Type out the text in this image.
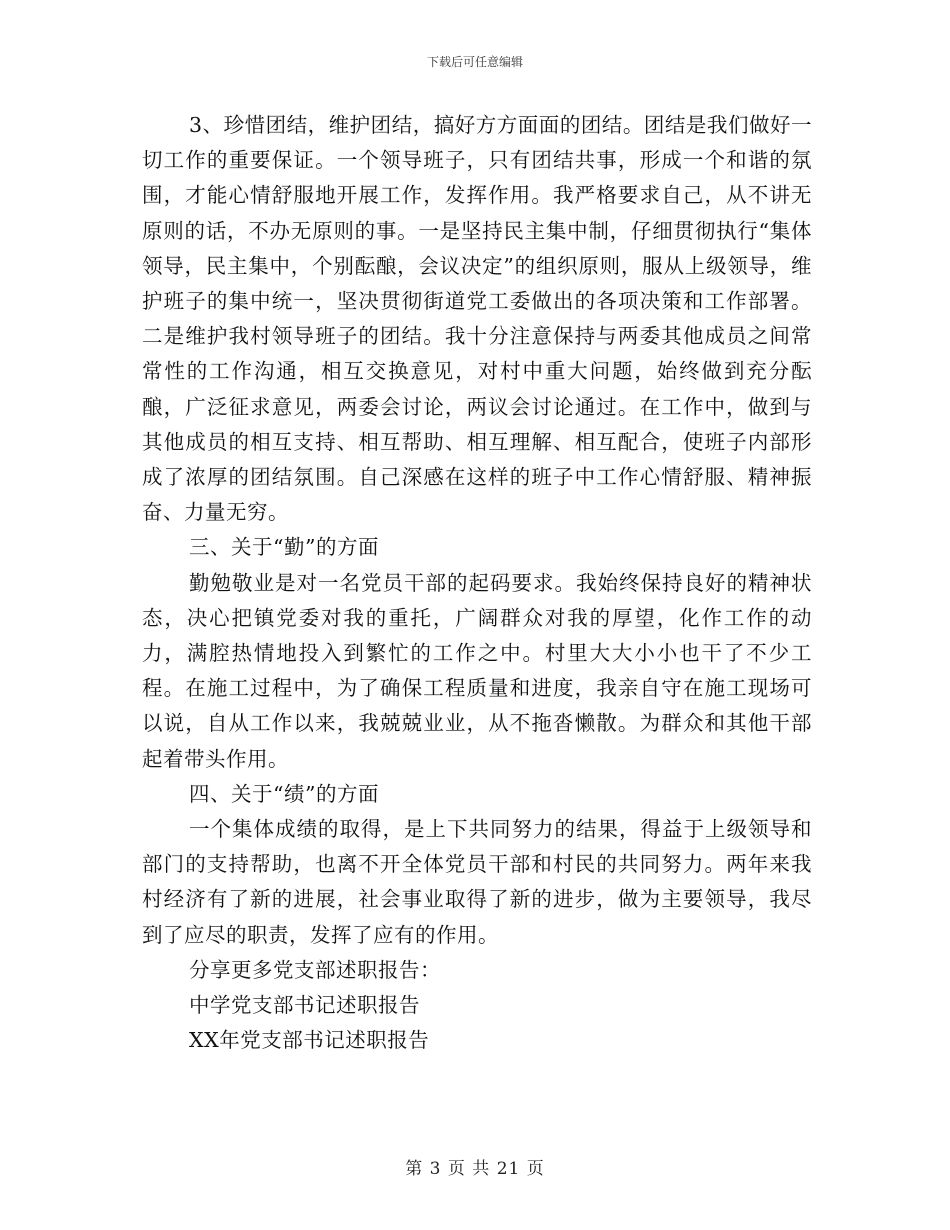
下载后可任意编辑

3、珍惜团结，维护团结，搞好方方面面的团结。团结是我们做好一切工作的重要保证。一个领导班子，只有团结共事，形成一个和谐的氛围，才能心情舒服地开展工作，发挥作用。我严格要求自己，从不讲无原则的话，不办无原则的事。一是坚持民主集中制，仔细贯彻执行“集体领导，民主集中，个别酝酿，会议决定”的组织原则，服从上级领导，维护班子的集中统一，坚决贯彻街道党工委做出的各项决策和工作部署。二是维护我村领导班子的团结。我十分注意保持与两委其他成员之间常常性的工作沟通，相互交换意见，对村中重大问题，始终做到充分酝酿，广泛征求意见，两委会讨论，两议会讨论通过。在工作中，做到与其他成员的相互支持、相互帮助、相互理解、相互配合，使班子内部形成了浓厚的团结氛围。自己深感在这样的班子中工作心情舒服、精神振奋、力量无穷。

三、关于“勤”的方面

勤勉敬业是对一名党员干部的起码要求。我始终保持良好的精神状态，决心把镇党委对我的重托，广阔群众对我的厚望，化作工作的动力，满腔热情地投入到繁忙的工作之中。村里大大小小也干了不少工程。在施工过程中，为了确保工程质量和进度，我亲自守在施工现场可以说，自从工作以来，我兢兢业业，从不拖沓懒散。为群众和其他干部起着带头作用。

四、关于“绩”的方面

一个集体成绩的取得，是上下共同努力的结果，得益于上级领导和部门的支持帮助，也离不开全体党员干部和村民的共同努力。两年来我村经济有了新的进展，社会事业取得了新的进步，做为主要领导，我尽到了应尽的职责，发挥了应有的作用。

分享更多党支部述职报告：

中学党支部书记述职报告

XX年党支部书记述职报告

第 3 页 共 21 页
